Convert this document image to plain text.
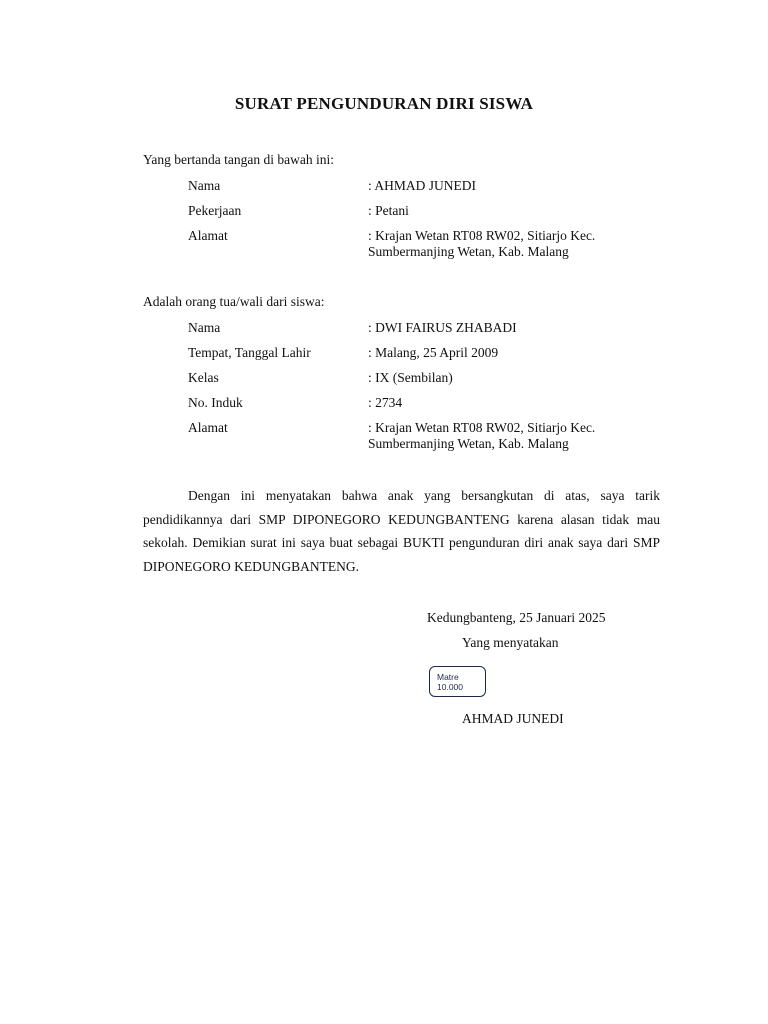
SURAT PENGUNDURAN DIRI SISWA
Yang bertanda tangan di bawah ini:
Nama	: AHMAD JUNEDI
Pekerjaan	: Petani
Alamat	: Krajan Wetan RT08 RW02, Sitiarjo Kec.
Sumbermanjing Wetan, Kab. Malang
Adalah orang tua/wali dari siswa:
Nama	: DWI FAIRUS ZHABADI
Tempat, Tanggal Lahir	: Malang, 25 April 2009
Kelas	: IX (Sembilan)
No. Induk	: 2734
Alamat	: Krajan Wetan RT08 RW02, Sitiarjo Kec.
Sumbermanjing Wetan, Kab. Malang
Dengan ini menyatakan bahwa anak yang bersangkutan di atas, saya tarik pendidikannya dari SMP DIPONEGORO KEDUNGBANTENG karena alasan tidak mau sekolah. Demikian surat ini saya buat sebagai BUKTI pengunduran diri anak saya dari SMP DIPONEGORO KEDUNGBANTENG.
Kedungbanteng, 25 Januari 2025
Yang menyatakan
Matre
10.000
AHMAD JUNEDI
